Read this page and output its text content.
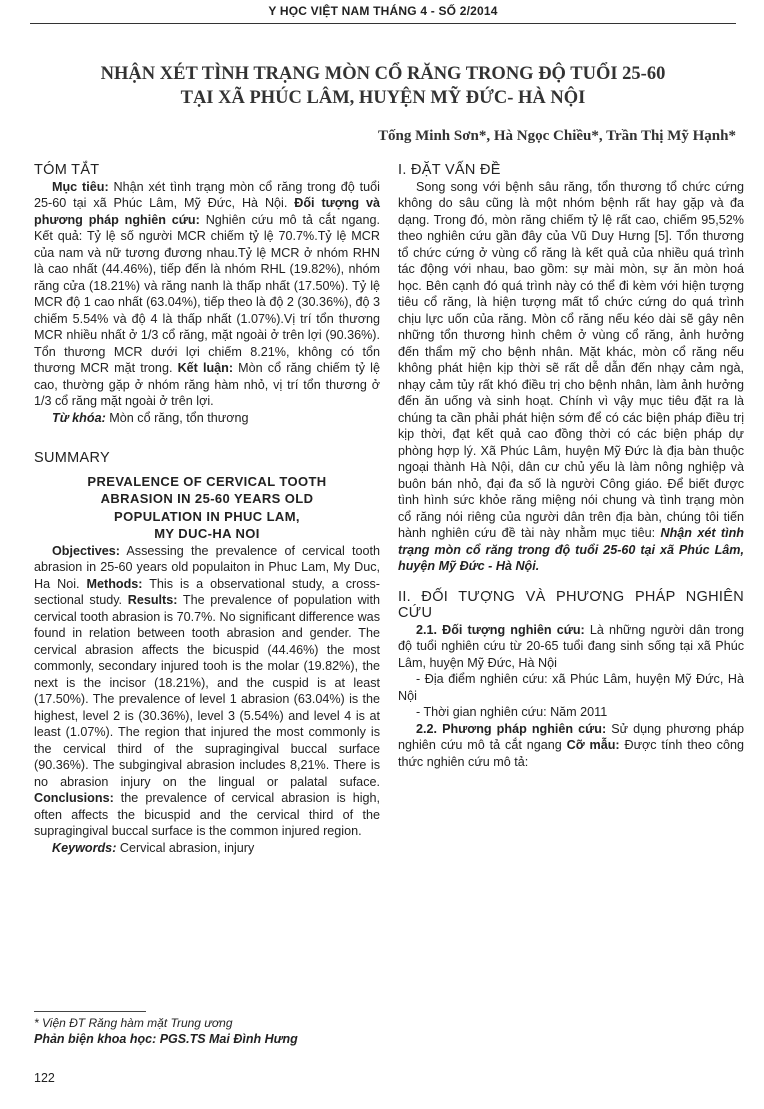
Y HỌC VIỆT NAM THÁNG 4 - SỐ 2/2014
NHẬN XÉT TÌNH TRẠNG MÒN CỔ RĂNG TRONG ĐỘ TUỔI 25-60
TẠI XÃ PHÚC LÂM, HUYỆN MỸ ĐỨC- HÀ NỘI
Tống Minh Sơn*, Hà Ngọc Chiều*, Trần Thị Mỹ Hạnh*
TÓM TẮT

Mục tiêu: Nhận xét tình trạng mòn cổ răng trong độ tuổi 25-60 tại xã Phúc Lâm, Mỹ Đức, Hà Nội. Đối tượng và phương pháp nghiên cứu: Nghiên cứu mô tả cắt ngang. Kết quả: Tỷ lệ số người MCR chiếm tỷ lệ 70.7%.Tỷ lệ MCR của nam và nữ tương đương nhau.Tỷ lệ MCR ở nhóm RHN là cao nhất (44.46%), tiếp đến là nhóm RHL (19.82%), nhóm răng cửa (18.21%) và răng nanh là thấp nhất (17.50%). Tỷ lệ MCR độ 1 cao nhất (63.04%), tiếp theo là độ 2 (30.36%), độ 3 chiếm 5.54% và độ 4 là thấp nhất (1.07%).Vị trí tổn thương MCR nhiều nhất ở 1/3 cổ răng, mặt ngoài ở trên lợi (90.36%). Tổn thương MCR dưới lợi chiếm 8.21%, không có tổn thương MCR mặt trong. Kết luận: Mòn cổ răng chiếm tỷ lệ cao, thường gặp ở nhóm răng hàm nhỏ, vị trí tổn thương ở 1/3 cổ răng mặt ngoài ở trên lợi.

Từ khóa: Mòn cổ răng, tổn thương

SUMMARY
PREVALENCE OF CERVICAL TOOTH
ABRASION IN 25-60 YEARS OLD
POPULATION IN PHUC LAM,
MY DUC-HA NOI

Objectives: Assessing the prevalence of cervical tooth abrasion in 25-60 years old populaiton in Phuc Lam, My Duc, Ha Noi. Methods: This is a observational study, a cross-sectional study. Results: The prevalence of population with cervical tooth abrasion is 70.7%. No significant difference was found in relation between tooth abrasion and gender. The cervical abrasion affects the bicuspid (44.46%) the most commonly, secondary injured tooh is the molar (19.82%), the next is the incisor (18.21%), and the cuspid is at least (17.50%). The prevalence of level 1 abrasion (63.04%) is the highest, level 2 is (30.36%), level 3 (5.54%) and level 4 is at least (1.07%). The region that injured the most commonly is the cervical third of the supragingival buccal surface (90.36%). The subgingival abrasion includes 8,21%. There is no abrasion injury on the lingual or palatal suface. Conclusions: the prevalence of cervical abrasion is high, often affects the bicuspid and the cervical third of the supragingival buccal surface is the common injured region.

Keywords: Cervical abrasion, injury

I. ĐẶT VẤN ĐỀ

Song song với bệnh sâu răng, tổn thương tổ chức cứng không do sâu cũng là một nhóm bệnh rất hay gặp và đa dạng. Trong đó, mòn răng chiếm tỷ lệ rất cao, chiếm 95,52% theo nghiên cứu gần đây của Vũ Duy Hưng [5]. Tổn thương tổ chức cứng ở vùng cổ răng là kết quả của nhiều quá trình tác động với nhau, bao gồm: sự mài mòn, sự ăn mòn hoá học. Bên cạnh đó quá trình này có thể đi kèm với hiện tượng tiêu cổ răng, là hiện tượng mất tổ chức cứng do quá trình chịu lực uốn của răng. Mòn cổ răng nếu kéo dài sẽ gây nên những tổn thương hình chêm ở vùng cổ răng, ảnh hưởng đến thẩm mỹ cho bệnh nhân. Mặt khác, mòn cổ răng nếu không phát hiện kịp thời sẽ rất dễ dẫn đến nhạy cảm ngà, nhạy cảm tủy rất khó điều trị cho bệnh nhân, làm ảnh hưởng đến ăn uống và sinh hoạt. Chính vì vậy mục tiêu đặt ra là chúng ta cần phải phát hiện sớm để có các biện pháp điều trị kịp thời, đạt kết quả cao đồng thời có các biện pháp dự phòng hợp lý. Xã Phúc Lâm, huyện Mỹ Đức là địa bàn thuộc ngoại thành Hà Nội, dân cư chủ yếu là làm nông nghiệp và buôn bán nhỏ, đại đa số là người Công giáo. Để biết được tình hình sức khỏe răng miệng nói chung và tình trạng mòn cổ răng nói riêng của người dân trên địa bàn, chúng tôi tiến hành nghiên cứu đề tài này nhằm mục tiêu: Nhận xét tình trạng mòn cổ răng trong độ tuổi 25-60 tại xã Phúc Lâm, huyện Mỹ Đức - Hà Nội.

II. ĐỐI TƯỢNG VÀ PHƯƠNG PHÁP NGHIÊN CỨU

2.1. Đối tượng nghiên cứu: Là những người dân trong độ tuổi nghiên cứu từ 20-65 tuổi đang sinh sống tại xã Phúc Lâm, huyện Mỹ Đức, Hà Nội

- Địa điểm nghiên cứu: xã Phúc Lâm, huyện Mỹ Đức, Hà Nội

- Thời gian nghiên cứu: Năm 2011

2.2. Phương pháp nghiên cứu: Sử dụng phương pháp nghiên cứu mô tả cắt ngang Cỡ mẫu: Được tính theo công thức nghiên cứu mô tả:

* Viện ĐT Răng hàm mặt Trung ương
Phản biện khoa học: PGS.TS Mai Đình Hưng
122
